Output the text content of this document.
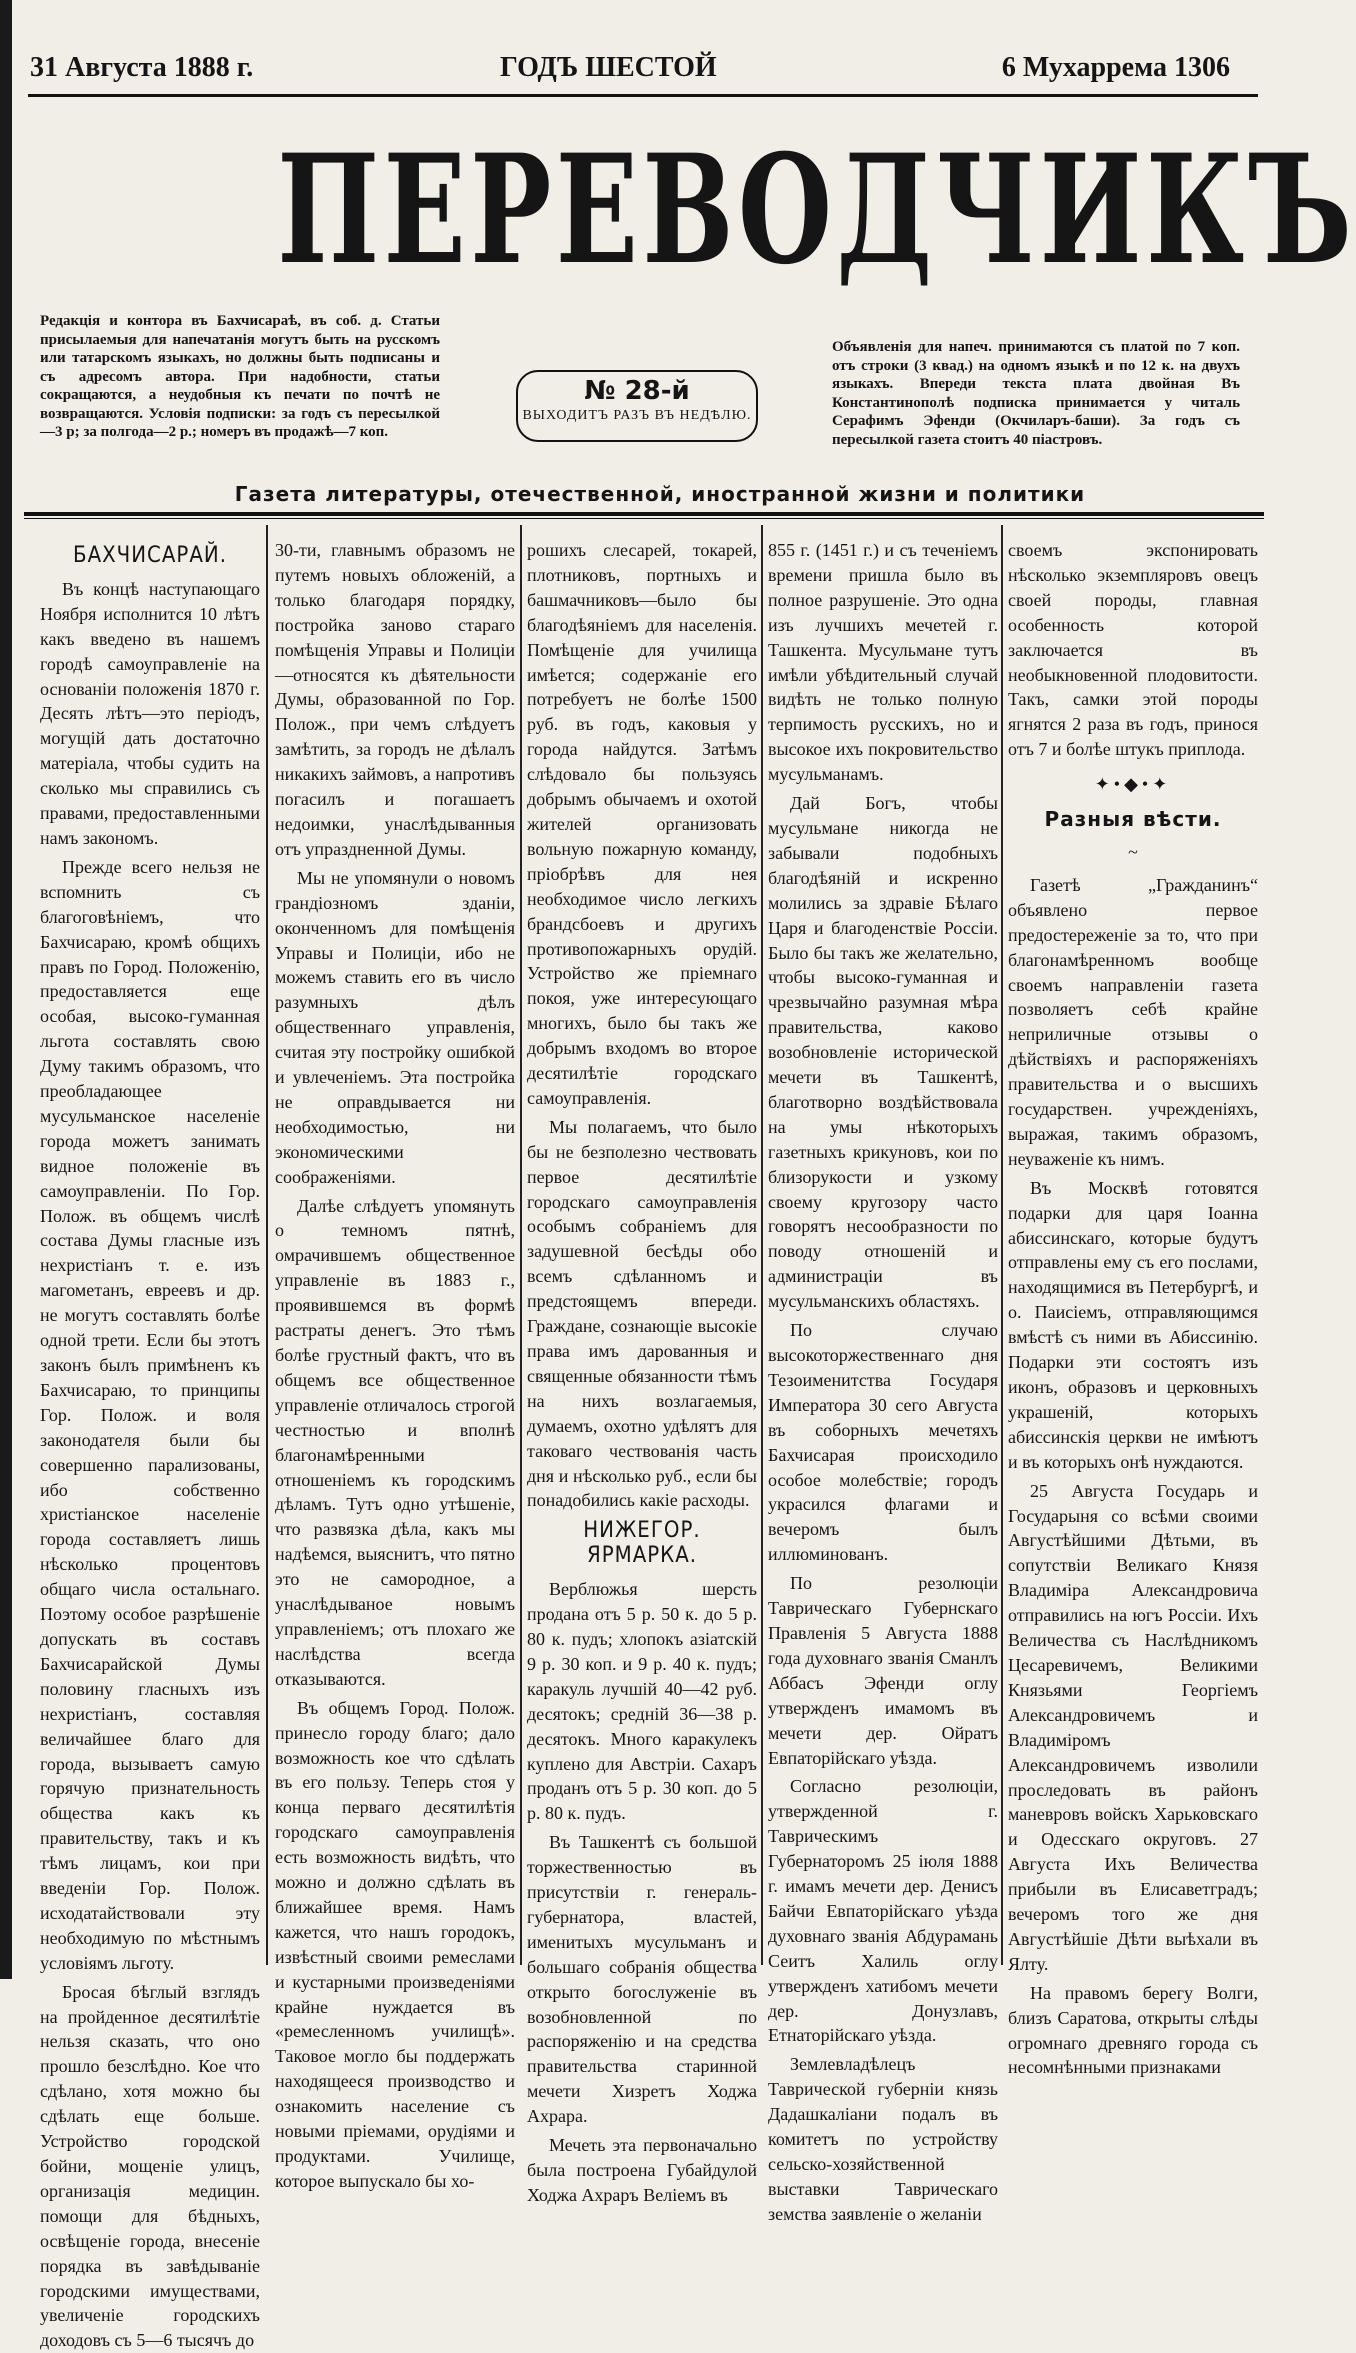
31 Августа 1888 г.	ГОДЪ ШЕСТОЙ	6 Мухаррема 1306
ПЕРЕВОДЧИКЪ
Редакція и контора въ Бахчисараѣ, въ соб. д. Статьи присылаемыя для напечатанія могутъ быть на русскомъ или татарскомъ языкахъ, но должны быть подписаны и съ адресомъ автора. При надобности, статьи сокращаются, а неудобныя къ печати по почтѣ не возвращаются. Условія подписки: за годъ съ пересылкой—3 р; за полгода—2 р.; номеръ въ продажѣ—7 коп.
№ 28-й
ВЫХОДИТЪ РАЗЪ ВЪ НЕДѢЛЮ.
Объявленія для напеч. принимаются съ платой по 7 коп. отъ строки (3 квад.) на одномъ языкѣ и по 12 к. на двухъ языкахъ. Впереди текста плата двойная Въ Константинополѣ подписка принимается у читаль Серафимъ Эфенди (Окчиларъ-баши). За годъ съ пересылкой газета стоитъ 40 піастровъ.
Газета литературы, отечественной, иностранной жизни и политики
БАХЧИСАРАЙ.

Въ концѣ наступающаго Ноября исполнится 10 лѣтъ какъ введено въ нашемъ городѣ самоуправленіе на основаніи положенія 1870 г. Десять лѣтъ—это періодъ, могущій дать достаточно матеріала, чтобы судить на сколько мы справились съ правами, предоставленными намъ закономъ.

Прежде всего нельзя не вспомнить съ благоговѣніемъ, что Бахчисараю, кромѣ общихъ правъ по Город. Положенію, предоставляется еще особая, высоко-гуманная льгота составлять свою Думу такимъ образомъ, что преобладающее мусульманское населеніе города можетъ занимать видное положеніе въ самоуправленіи. По Гор. Полож. въ общемъ числѣ состава Думы гласные изъ нехристіанъ т. е. изъ магометанъ, евреевъ и др. не могутъ составлять болѣе одной трети. Если бы этотъ законъ былъ примѣненъ къ Бахчисараю, то принципы Гор. Полож. и воля законодателя были бы совершенно парализованы, ибо собственно христіанское населеніе города составляетъ лишь нѣсколько процентовъ общаго числа остальнаго. Поэтому особое разрѣшеніе допускать въ составъ Бахчисарайской Думы половину гласныхъ изъ нехристіанъ, составляя величайшее благо для города, вызываетъ самую горячую признательность общества какъ къ правительству, такъ и къ тѣмъ лицамъ, кои при введеніи Гор. Полож. исходатайствовали эту необходимую по мѣстнымъ условіямъ льготу.

Бросая бѣглый взглядъ на пройденное десятилѣтіе нельзя сказать, что оно прошло безслѣдно. Кое что сдѣлано, хотя можно бы сдѣлать еще больше. Устройство городской бойни, мощеніе улицъ, организація медицин. помощи для бѣдныхъ, освѣщеніе города, внесеніе порядка въ завѣдываніе городскими имуществами, увеличеніе городскихъ доходовъ съ 5—6 тысячъ до

30-ти, главнымъ образомъ не путемъ новыхъ обложеній, а только благодаря порядку, постройка заново стараго помѣщенія Управы и Полиціи—относятся къ дѣятельности Думы, образованной по Гор. Полож., при чемъ слѣдуетъ замѣтить, за городъ не дѣлалъ никакихъ займовъ, а напротивъ погасилъ и погашаетъ недоимки, унаслѣдыванныя отъ упраздненной Думы.

Мы не упомянули о новомъ грандіозномъ зданіи, оконченномъ для помѣщенія Управы и Полиціи, ибо не можемъ ставить его въ число разумныхъ дѣлъ общественнаго управленія, считая эту постройку ошибкой и увлеченіемъ. Эта постройка не оправдывается ни необходимостью, ни экономическими соображеніями.

Далѣе слѣдуетъ упомянуть о темномъ пятнѣ, омрачившемъ общественное управленіе въ 1883 г., проявившемся въ формѣ растраты денегъ. Это тѣмъ болѣе грустный фактъ, что въ общемъ все общественное управленіе отличалось строгой честностью и вполнѣ благонамѣренными отношеніемъ къ городскимъ дѣламъ. Тутъ одно утѣшеніе, что развязка дѣла, какъ мы надѣемся, выяснитъ, что пятно это не самородное, а унаслѣдываное новымъ управленіемъ; отъ плохаго же наслѣдства всегда отказываются.

Въ общемъ Город. Полож. принесло городу благо; дало возможность кое что сдѣлать въ его пользу. Теперь стоя у конца перваго десятилѣтія городскаго самоуправленія есть возможность видѣть, что можно и должно сдѣлать въ ближайшее время. Намъ кажется, что нашъ городокъ, извѣстный своими ремеслами и кустарными произведеніями крайне нуждается въ «ремесленномъ училищѣ». Таковое могло бы поддержать находящееся производство и ознакомить население съ новыми пріемами, орудіями и продуктами. Училище, которое выпускало бы хо-

рошихъ слесарей, токарей, плотниковъ, портныхъ и башмачниковъ—было бы благодѣяніемъ для населенія. Помѣщеніе для училища имѣется; содержаніе его потребуетъ не болѣе 1500 руб. въ годъ, каковыя у города найдутся. Затѣмъ слѣдовало бы пользуясь добрымъ обычаемъ и охотой жителей организовать вольную пожарную команду, пріобрѣвъ для нея необходимое число легкихъ брандсбоевъ и другихъ противопожарныхъ орудій. Устройство же пріемнаго покоя, уже интересующаго многихъ, было бы такъ же добрымъ входомъ во второе десятилѣтіе городскаго самоуправленія.

Мы полагаемъ, что было бы не безполезно чествовать первое десятилѣтіе городскаго самоуправленія особымъ собраніемъ для задушевной бесѣды обо всемъ сдѣланномъ и предстоящемъ впереди. Граждане, сознающіе высокіе права имъ дарованныя и священные обязанности тѣмъ на нихъ возлагаемыя, думаемъ, охотно удѣлятъ для таковаго чествованія часть дня и нѣсколько руб., если бы понадобились какіе расходы.

НИЖЕГОР. ЯРМАРКА.

Верблюжья шерсть продана отъ 5 р. 50 к. до 5 р. 80 к. пудъ; хлопокъ азіатскій 9 р. 30 коп. и 9 р. 40 к. пудъ; каракуль лучшій 40—42 руб. десятокъ; средній 36—38 р. десятокъ. Много каракулекъ куплено для Австріи. Сахаръ проданъ отъ 5 р. 30 коп. до 5 р. 80 к. пудъ.

Въ Ташкентѣ съ большой торжественностью въ присутствіи г. генераль-губернатора, властей, именитыхъ мусульманъ и большаго собранія общества открыто богослуженіе въ возобновленной по распоряженію и на средства правительства старинной мечети Хизретъ Ходжа Ахрара.

Мечеть эта первоначально была построена Губайдулой Ходжа Ахраръ Велiемъ въ

855 г. (1451 г.) и съ теченіемъ времени пришла было въ полное разрушеніе. Это одна изъ лучшихъ мечетей г. Ташкента. Мусульмане тутъ имѣли убѣдительный случай видѣть не только полную терпимость русскихъ, но и высокое ихъ покровительство мусульманамъ.

Дай Богъ, чтобы мусульмане никогда не забывали подобныхъ благодѣяній и искренно молились за здравіе Бѣлаго Царя и благоденствіе Россіи. Было бы такъ же желательно, чтобы высоко-гуманная и чрезвычайно разумная мѣра правительства, каково возобновленіе исторической мечети въ Ташкентѣ, благотворно воздѣйствовала на умы нѣкоторыхъ газетныхъ крикуновъ, кои по близорукости и узкому своему кругозору часто говорятъ несообразности по поводу отношеній и администраціи въ мусульманскихъ областяхъ.

По случаю высокоторжественнаго дня Тезоименитства Государя Императора 30 сего Августа въ соборныхъ мечетяхъ Бахчисарая происходило особое молебствіе; городъ украсился флагами и вечеромъ былъ иллюминованъ.

По резолюціи Таврическаго Губернскаго Правленія 5 Августа 1888 года духовнаго званія Сманлъ Аббасъ Эфенди оглу утвержденъ имамомъ въ мечети дер. Ойратъ Евпаторійскаго уѣзда.

Согласно резолюціи, утвержденной г. Таврическимъ Губернаторомъ 25 іюля 1888 г. имамъ мечети дер. Денисъ Байчи Евпаторійскаго уѣзда духовнаго званія Абдурамань Сеитъ Халиль оглу утвержденъ хатибомъ мечети дер. Донузлавъ, Етнаторійскаго уѣзда.

Землевладѣлецъ Таврической губерніи князь Дадашкаліани подалъ въ комитетъ по устройству сельско-хозяйственной выставки Таврическаго земства заявленіе о желаніи

своемъ экспонировать нѣсколько экземпляровъ овецъ своей породы, главная особенность которой заключается въ необыкновенной плодовитости. Такъ, самки этой породы ягнятся 2 раза въ годъ, принося отъ 7 и болѣе штукъ приплода.

✦•◆•✦
Разныя вѣсти.
~

Газетѣ „Гражданинъ“ объявлено первое предостереженіе за то, что при благонамѣренномъ вообще своемъ направленіи газета позволяетъ себѣ крайне неприличные отзывы о дѣйствіяхъ и распоряженіяхъ правительства и о высшихъ государствен. учрежденіяхъ, выражая, такимъ образомъ, неуваженіе къ нимъ.

Въ Москвѣ готовятся подарки для царя Іоанна абиссинскаго, которые будутъ отправлены ему съ его послами, находящимися въ Петербургѣ, и о. Паисіемъ, отправляющимся вмѣстѣ съ ними въ Абиссинію. Подарки эти состоятъ изъ иконъ, образовъ и церковныхъ украшеній, которыхъ абиссинскія церкви не имѣютъ и въ которыхъ онѣ нуждаются.

25 Августа Государь и Государыня со всѣми своими Августѣйшими Дѣтьми, въ сопутствіи Великаго Князя Владиміра Александровича отправились на югъ Россіи. Ихъ Величества съ Наслѣдникомъ Цесаревичемъ, Великими Князьями Георгіемъ Александровичемъ и Владиміромъ Александровичемъ изволили проследовать въ районъ маневровъ войскъ Харьковскаго и Одесскаго округовъ. 27 Августа Ихъ Величества прибыли въ Елисаветградъ; вечеромъ того же дня Августѣйшіе Дѣти выѣхали въ Ялту.

На правомъ берегу Волги, близъ Саратова, открыты слѣды огромнаго древняго города съ несомнѣнными признаками
